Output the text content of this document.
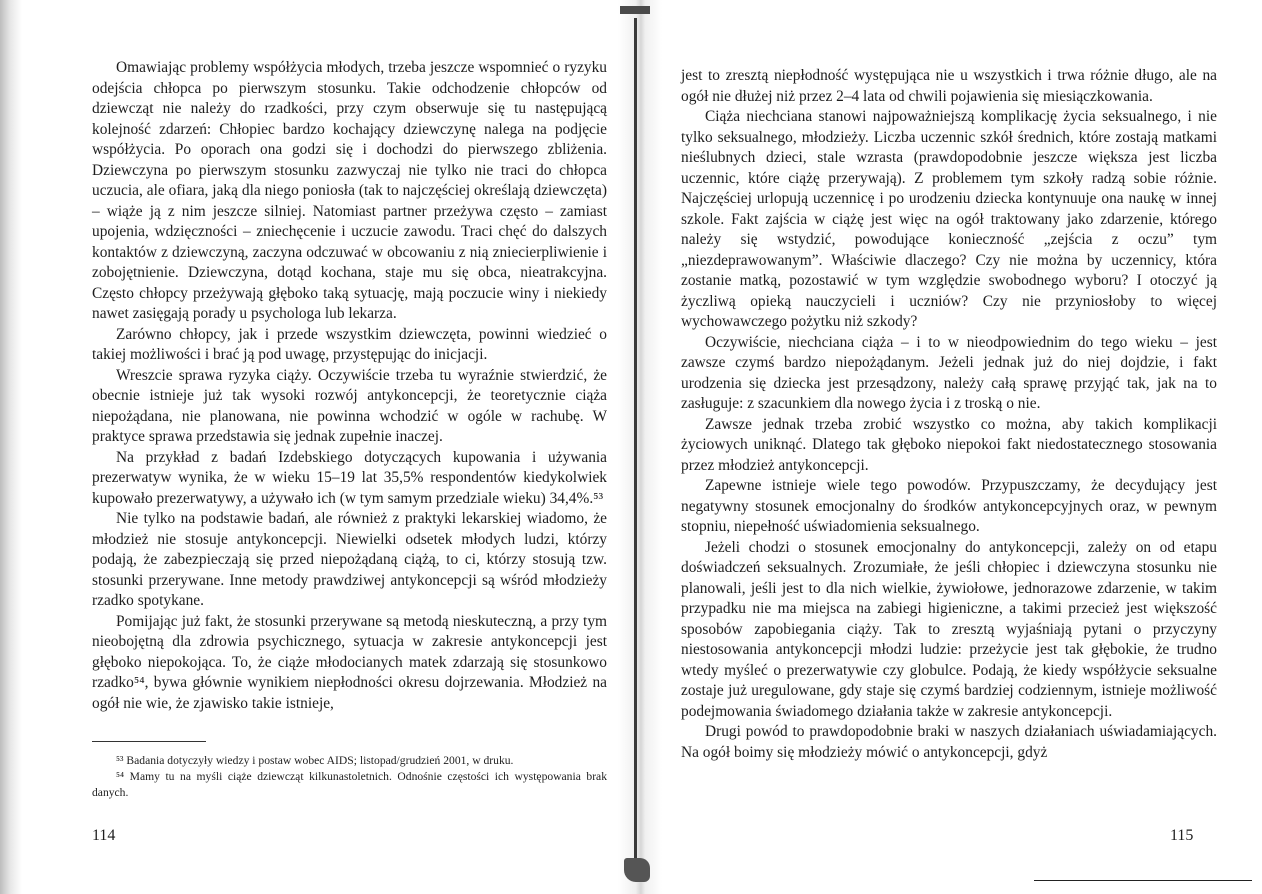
Omawiając problemy współżycia młodych, trzeba jeszcze wspomnieć o ryzyku odejścia chłopca po pierwszym stosunku. Takie odchodzenie chłopców od dziewcząt nie należy do rzadkości, przy czym obserwuje się tu następującą kolejność zdarzeń: Chłopiec bardzo kochający dziewczynę nalega na podjęcie współżycia. Po oporach ona godzi się i dochodzi do pierwszego zbliżenia. Dziewczyna po pierwszym stosunku zazwyczaj nie tylko nie traci do chłopca uczucia, ale ofiara, jaką dla niego poniosła (tak to najczęściej określają dziewczęta) – wiąże ją z nim jeszcze silniej. Natomiast partner przeżywa często – zamiast upojenia, wdzięczności – zniechęcenie i uczucie zawodu. Traci chęć do dalszych kontaktów z dziewczyną, zaczyna odczuwać w obcowaniu z nią zniecierpliwienie i zobojętnienie. Dziewczyna, dotąd kochana, staje mu się obca, nieatrakcyjna. Często chłopcy przeżywają głęboko taką sytuację, mają poczucie winy i niekiedy nawet zasięgają porady u psychologa lub lekarza.

Zarówno chłopcy, jak i przede wszystkim dziewczęta, powinni wiedzieć o takiej możliwości i brać ją pod uwagę, przystępując do inicjacji.

Wreszcie sprawa ryzyka ciąży. Oczywiście trzeba tu wyraźnie stwierdzić, że obecnie istnieje już tak wysoki rozwój antykoncepcji, że teoretycznie ciąża niepożądana, nie planowana, nie powinna wchodzić w ogóle w rachubę. W praktyce sprawa przedstawia się jednak zupełnie inaczej.

Na przykład z badań Izdebskiego dotyczących kupowania i używania prezerwatyw wynika, że w wieku 15–19 lat 35,5% respondentów kiedykolwiek kupowało prezerwatywy, a używało ich (w tym samym przedziale wieku) 34,4%.⁵³

Nie tylko na podstawie badań, ale również z praktyki lekarskiej wiadomo, że młodzież nie stosuje antykoncepcji. Niewielki odsetek młodych ludzi, którzy podają, że zabezpieczają się przed niepożądaną ciążą, to ci, którzy stosują tzw. stosunki przerywane. Inne metody prawdziwej antykoncepcji są wśród młodzieży rzadko spotykane.

Pomijając już fakt, że stosunki przerywane są metodą nieskuteczną, a przy tym nieobojętną dla zdrowia psychicznego, sytuacja w zakresie antykoncepcji jest głęboko niepokojąca. To, że ciąże młodocianych matek zdarzają się stosunkowo rzadko⁵⁴, bywa głównie wynikiem niepłodności okresu dojrzewania. Młodzież na ogół nie wie, że zjawisko takie istnieje,

⁵³ Badania dotyczyły wiedzy i postaw wobec AIDS; listopad/grudzień 2001, w druku.

⁵⁴ Mamy tu na myśli ciąże dziewcząt kilkunastoletnich. Odnośnie częstości ich występowania brak danych.

114

jest to zresztą niepłodność występująca nie u wszystkich i trwa różnie długo, ale na ogół nie dłużej niż przez 2–4 lata od chwili pojawienia się miesiączkowania.

Ciąża niechciana stanowi najpoważniejszą komplikację życia seksualnego, i nie tylko seksualnego, młodzieży. Liczba uczennic szkół średnich, które zostają matkami nieślubnych dzieci, stale wzrasta (prawdopodobnie jeszcze większa jest liczba uczennic, które ciążę przerywają). Z problemem tym szkoły radzą sobie różnie. Najczęściej urlopują uczennicę i po urodzeniu dziecka kontynuuje ona naukę w innej szkole. Fakt zajścia w ciążę jest więc na ogół traktowany jako zdarzenie, którego należy się wstydzić, powodujące konieczność „zejścia z oczu” tym „niezdeprawowanym”. Właściwie dlaczego? Czy nie można by uczennicy, która zostanie matką, pozostawić w tym względzie swobodnego wyboru? I otoczyć ją życzliwą opieką nauczycieli i uczniów? Czy nie przyniosłoby to więcej wychowawczego pożytku niż szkody?

Oczywiście, niechciana ciąża – i to w nieodpowiednim do tego wieku – jest zawsze czymś bardzo niepożądanym. Jeżeli jednak już do niej dojdzie, i fakt urodzenia się dziecka jest przesądzony, należy całą sprawę przyjąć tak, jak na to zasługuje: z szacunkiem dla nowego życia i z troską o nie.

Zawsze jednak trzeba zrobić wszystko co można, aby takich komplikacji życiowych uniknąć. Dlatego tak głęboko niepokoi fakt niedostatecznego stosowania przez młodzież antykoncepcji.

Zapewne istnieje wiele tego powodów. Przypuszczamy, że decydujący jest negatywny stosunek emocjonalny do środków antykoncepcyjnych oraz, w pewnym stopniu, niepełność uświadomienia seksualnego.

Jeżeli chodzi o stosunek emocjonalny do antykoncepcji, zależy on od etapu doświadczeń seksualnych. Zrozumiałe, że jeśli chłopiec i dziewczyna stosunku nie planowali, jeśli jest to dla nich wielkie, żywiołowe, jednorazowe zdarzenie, w takim przypadku nie ma miejsca na zabiegi higieniczne, a takimi przecież jest większość sposobów zapobiegania ciąży. Tak to zresztą wyjaśniają pytani o przyczyny niestosowania antykoncepcji młodzi ludzie: przeżycie jest tak głębokie, że trudno wtedy myśleć o prezerwatywie czy globulce. Podają, że kiedy współżycie seksualne zostaje już uregulowane, gdy staje się czymś bardziej codziennym, istnieje możliwość podejmowania świadomego działania także w zakresie antykoncepcji.

Drugi powód to prawdopodobnie braki w naszych działaniach uświadamiających. Na ogół boimy się młodzieży mówić o antykoncepcji, gdyż

115
